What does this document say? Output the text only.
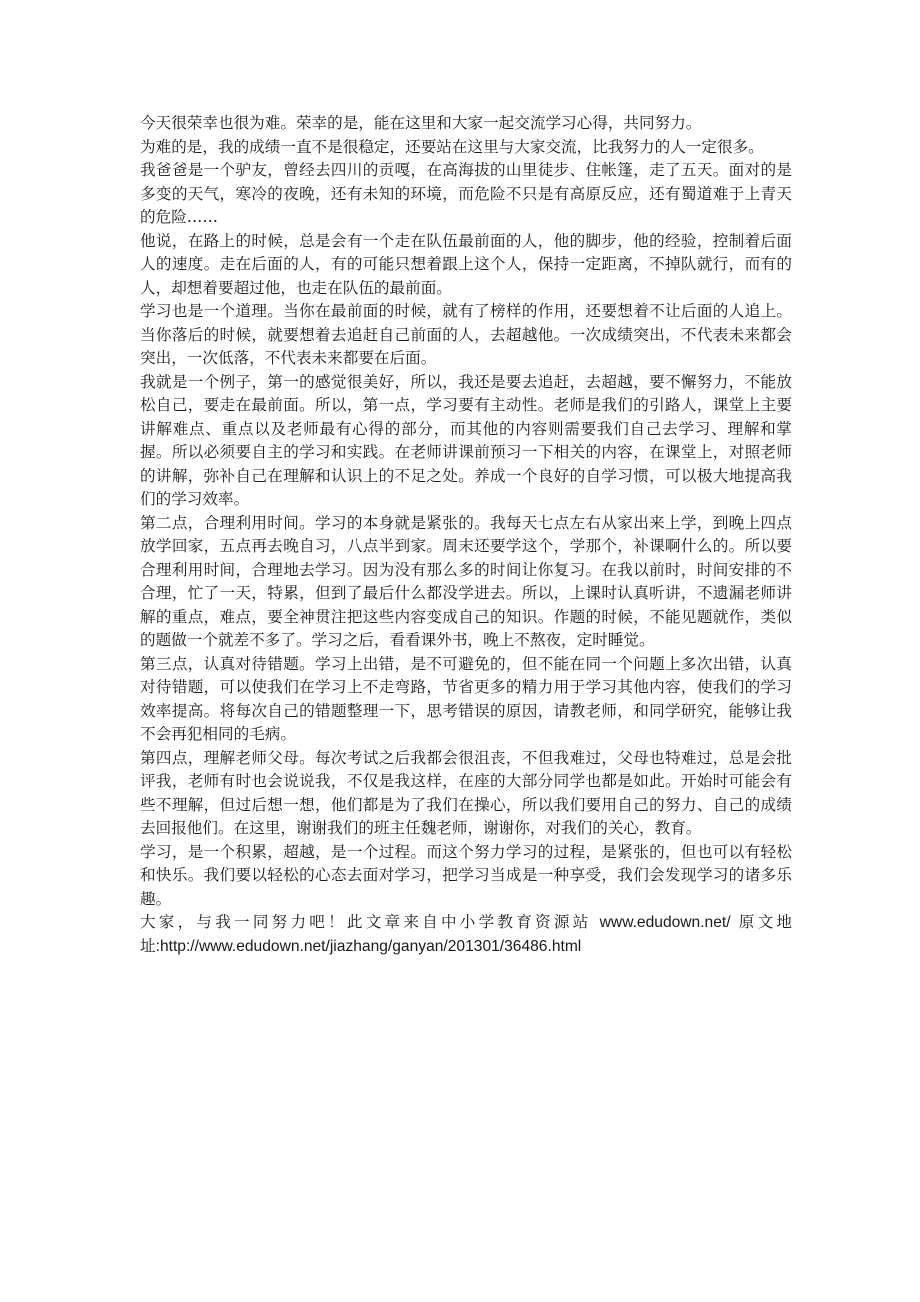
今天很荣幸也很为难。荣幸的是，能在这里和大家一起交流学习心得，共同努力。

为难的是，我的成绩一直不是很稳定，还要站在这里与大家交流，比我努力的人一定很多。

我爸爸是一个驴友，曾经去四川的贡嘎，在高海拔的山里徒步、住帐篷，走了五天。面对的是多变的天气，寒冷的夜晚，还有未知的环境，而危险不只是有高原反应，还有蜀道难于上青天的危险……

他说，在路上的时候，总是会有一个走在队伍最前面的人，他的脚步，他的经验，控制着后面人的速度。走在后面的人，有的可能只想着跟上这个人，保持一定距离，不掉队就行，而有的人，却想着要超过他，也走在队伍的最前面。

学习也是一个道理。当你在最前面的时候，就有了榜样的作用，还要想着不让后面的人追上。当你落后的时候，就要想着去追赶自己前面的人，去超越他。一次成绩突出，不代表未来都会突出，一次低落，不代表未来都要在后面。

我就是一个例子，第一的感觉很美好，所以，我还是要去追赶，去超越，要不懈努力，不能放松自己，要走在最前面。所以，第一点，学习要有主动性。老师是我们的引路人，课堂上主要讲解难点、重点以及老师最有心得的部分，而其他的内容则需要我们自己去学习、理解和掌握。所以必须要自主的学习和实践。在老师讲课前预习一下相关的内容，在课堂上，对照老师的讲解，弥补自己在理解和认识上的不足之处。养成一个良好的自学习惯，可以极大地提高我们的学习效率。

第二点，合理利用时间。学习的本身就是紧张的。我每天七点左右从家出来上学，到晚上四点放学回家，五点再去晚自习，八点半到家。周末还要学这个，学那个，补课啊什么的。所以要合理利用时间，合理地去学习。因为没有那么多的时间让你复习。在我以前时，时间安排的不合理，忙了一天，特累，但到了最后什么都没学进去。所以，上课时认真听讲，不遗漏老师讲解的重点，难点，要全神贯注把这些内容变成自己的知识。作题的时候，不能见题就作，类似的题做一个就差不多了。学习之后，看看课外书，晚上不熬夜，定时睡觉。

第三点，认真对待错题。学习上出错，是不可避免的，但不能在同一个问题上多次出错，认真对待错题，可以使我们在学习上不走弯路，节省更多的精力用于学习其他内容，使我们的学习效率提高。将每次自己的错题整理一下，思考错误的原因，请教老师，和同学研究，能够让我不会再犯相同的毛病。

第四点，理解老师父母。每次考试之后我都会很沮丧，不但我难过，父母也特难过，总是会批评我，老师有时也会说说我，不仅是我这样，在座的大部分同学也都是如此。开始时可能会有些不理解，但过后想一想，他们都是为了我们在操心，所以我们要用自己的努力、自己的成绩去回报他们。在这里，谢谢我们的班主任魏老师，谢谢你，对我们的关心，教育。

学习，是一个积累，超越，是一个过程。而这个努力学习的过程，是紧张的，但也可以有轻松和快乐。我们要以轻松的心态去面对学习，把学习当成是一种享受，我们会发现学习的诸多乐趣。

大家，与我一同努力吧！此文章来自中小学教育资源站 www.edudown.net/ 原文地

址:http://www.edudown.net/jiazhang/ganyan/201301/36486.html
